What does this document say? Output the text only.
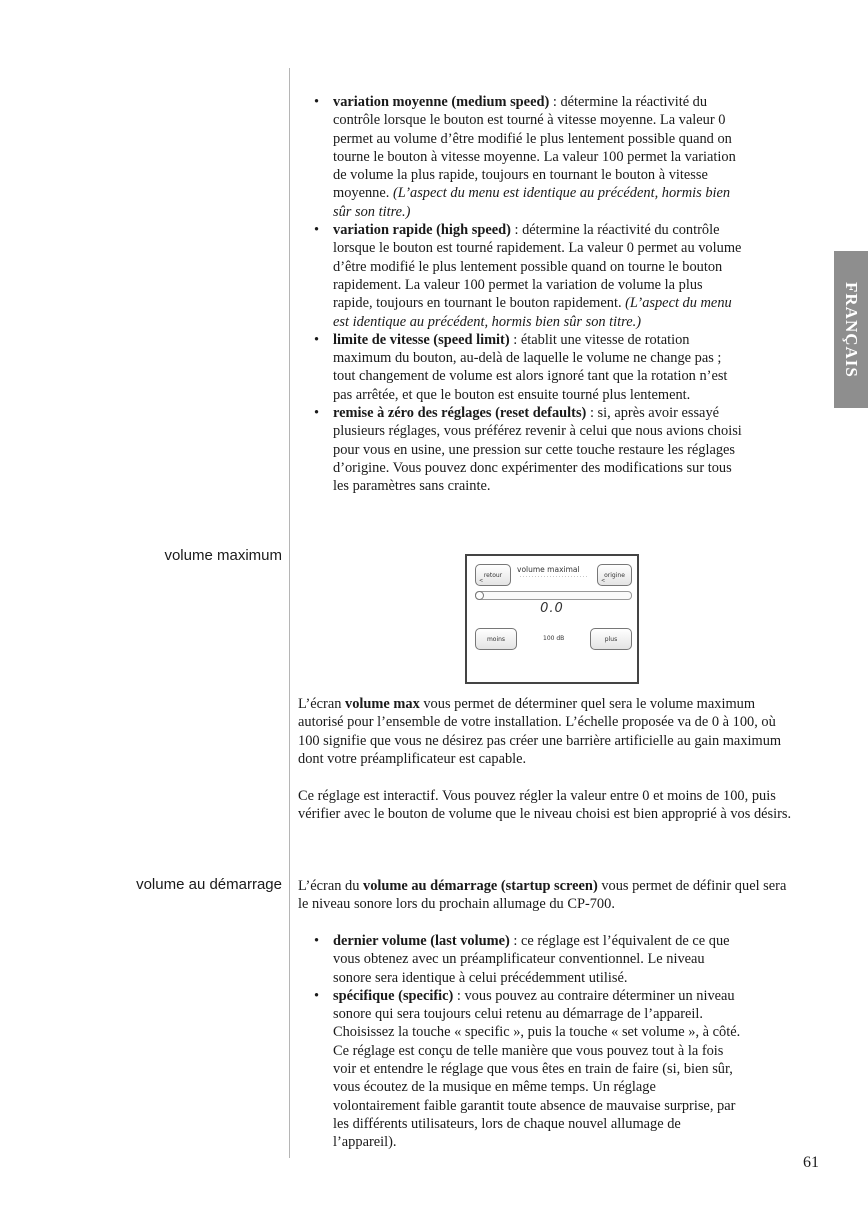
FRANÇAIS
• variation moyenne (medium speed) : détermine la réactivité du contrôle lorsque le bouton est tourné à vitesse moyenne. La valeur 0 permet au volume d’être modifié le plus lentement possible quand on tourne le bouton à vitesse moyenne. La valeur 100 permet la variation de volume la plus rapide, toujours en tournant le bouton à vitesse moyenne. (L’aspect du menu est identique au précédent, hormis bien sûr son titre.)
• variation rapide (high speed) : détermine la réactivité du contrôle lorsque le bouton est tourné rapidement. La valeur 0 permet au volume d’être modifié le plus lentement possible quand on tourne le bouton rapidement. La valeur 100 permet la variation de volume la plus rapide, toujours en tournant le bouton rapidement. (L’aspect du menu est identique au précédent, hormis bien sûr son titre.)
• limite de vitesse (speed limit) : établit une vitesse de rotation maximum du bouton, au-delà de laquelle le volume ne change pas ; tout changement de volume est alors ignoré tant que la rotation n’est pas arrêtée, et que le bouton est ensuite tourné plus lentement.
• remise à zéro des réglages (reset defaults) : si, après avoir essayé plusieurs réglages, vous préférez revenir à celui que nous avions choisi pour vous en usine, une pression sur cette touche restaure les réglages d’origine. Vous pouvez donc expérimenter des modifications sur tous les paramètres sans crainte.
volume maximum
retour
<
volume maximal
origine
<
0.0
moins	100 dB	plus

L’écran volume max vous permet de déterminer quel sera le volume maximum autorisé pour l’ensemble de votre installation. L’échelle proposée va de 0 à 100, où 100 signifie que vous ne désirez pas créer une barrière artificielle au gain maximum dont votre préamplificateur est capable.

Ce réglage est interactif. Vous pouvez régler la valeur entre 0 et moins de 100, puis vérifier avec le bouton de volume que le niveau choisi est bien approprié à vos désirs.

volume au démarrage L’écran du volume au démarrage (startup screen) vous permet de définir quel sera le niveau sonore lors du prochain allumage du CP-700.

• dernier volume (last volume) : ce réglage est l’équivalent de ce que vous obtenez avec un préamplificateur conventionnel. Le niveau sonore sera identique à celui précédemment utilisé.
• spécifique (specific) : vous pouvez au contraire déterminer un niveau sonore qui sera toujours celui retenu au démarrage de l’appareil. Choisissez la touche « specific », puis la touche « set volume », à côté. Ce réglage est conçu de telle manière que vous pouvez tout à la fois voir et entendre le réglage que vous êtes en train de faire (si, bien sûr, vous écoutez de la musique en même temps. Un réglage volontairement faible garantit toute absence de mauvaise surprise, par les différents utilisateurs, lors de chaque nouvel allumage de l’appareil).
61
